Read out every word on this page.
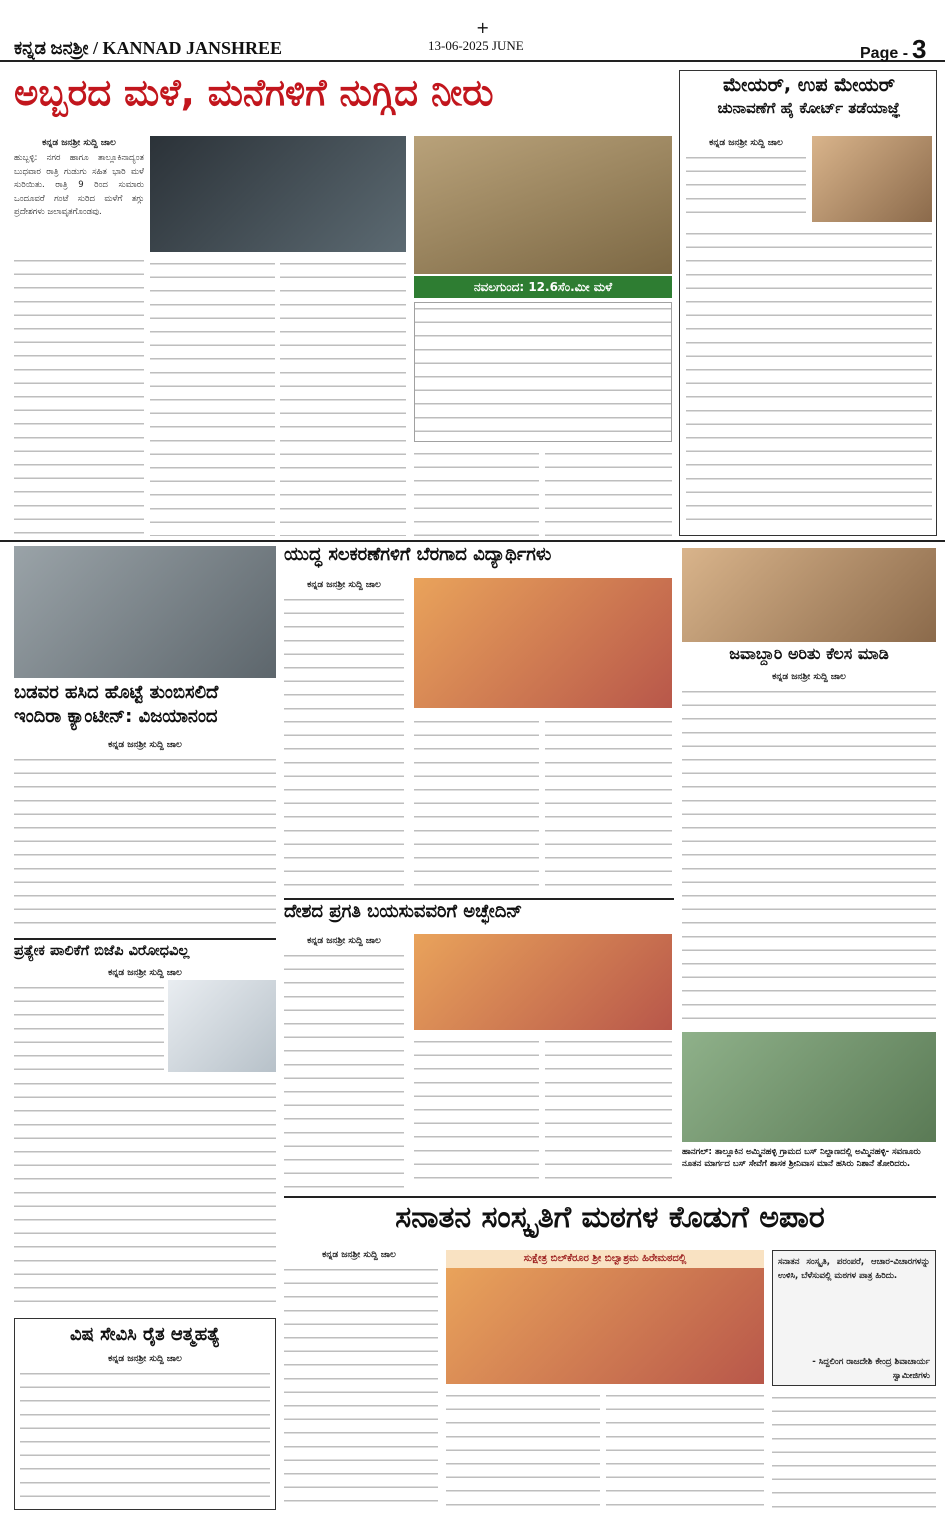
+
ಕನ್ನಡ ಜನಶ್ರೀ / KANNAD JANSHREE	13-06-2025 JUNE	Page - 3
ಅಬ್ಬರದ ಮಳೆ, ಮನೆಗಳಿಗೆ ನುಗ್ಗಿದ ನೀರು
ಕನ್ನಡ ಜನಶ್ರೀ ಸುದ್ದಿ ಜಾಲ
ಹುಬ್ಬಳ್ಳಿ: ನಗರ ಹಾಗೂ ತಾಲ್ಲೂಕಿನಾದ್ಯಂತ ಬುಧವಾರ ರಾತ್ರಿ ಗುಡುಗು ಸಹಿತ ಭಾರಿ ಮಳೆ ಸುರಿಯಿತು. ರಾತ್ರಿ 9 ರಿಂದ ಸುಮಾರು ಒಂದೂವರೆ ಗಂಟೆ ಸುರಿದ ಮಳೆಗೆ ತಗ್ಗು ಪ್ರದೇಶಗಳು ಜಲಾವೃತಗೊಂಡವು.
ನವಲಗುಂದ: 12.6ಸೆಂ.ಮೀ ಮಳೆ
ಮೇಯರ್, ಉಪ ಮೇಯರ್
ಚುನಾವಣೆಗೆ ಹೈ ಕೋರ್ಟ್ ತಡೆಯಾಜ್ಞೆ
ಕನ್ನಡ ಜನಶ್ರೀ ಸುದ್ದಿ ಜಾಲ
ಬಡವರ ಹಸಿದ ಹೊಟ್ಟೆ ತುಂಬಿಸಲಿದೆ
ಇಂದಿರಾ ಕ್ಯಾಂಟೀನ್: ವಿಜಯಾನಂದ
ಕನ್ನಡ ಜನಶ್ರೀ ಸುದ್ದಿ ಜಾಲ
ಪ್ರತ್ಯೇಕ ಪಾಲಿಕೆಗೆ ಬಿಜೆಪಿ ವಿರೋಧವಿಲ್ಲ
ಕನ್ನಡ ಜನಶ್ರೀ ಸುದ್ದಿ ಜಾಲ
ವಿಷ ಸೇವಿಸಿ ರೈತ ಆತ್ಮಹತ್ಯೆ
ಕನ್ನಡ ಜನಶ್ರೀ ಸುದ್ದಿ ಜಾಲ
ಯುದ್ಧ ಸಲಕರಣೆಗಳಿಗೆ ಬೆರಗಾದ ವಿದ್ಯಾರ್ಥಿಗಳು
ಕನ್ನಡ ಜನಶ್ರೀ ಸುದ್ದಿ ಜಾಲ
ದೇಶದ ಪ್ರಗತಿ ಬಯಸುವವರಿಗೆ ಅಚ್ಛೇದಿನ್
ಕನ್ನಡ ಜನಶ್ರೀ ಸುದ್ದಿ ಜಾಲ
ಜವಾಬ್ದಾರಿ ಅರಿತು ಕೆಲಸ ಮಾಡಿ
ಕನ್ನಡ ಜನಶ್ರೀ ಸುದ್ದಿ ಜಾಲ
ಹಾನಗಲ್: ತಾಲ್ಲೂಕಿನ ಅಮ್ಮಿನಹಳ್ಳಿ ಗ್ರಾಮದ ಬಸ್ ನಿಲ್ದಾಣದಲ್ಲಿ ಅಮ್ಮಿನಹಳ್ಳಿ- ಸವಣೂರು ನೂತನ ಮಾರ್ಗದ ಬಸ್ ಸೇವೆಗೆ ಶಾಸಕ ಶ್ರೀನಿವಾಸ ಮಾನೆ ಹಸಿರು ನಿಶಾನೆ ತೋರಿದರು.
ಸನಾತನ ಸಂಸ್ಕೃತಿಗೆ ಮಠಗಳ ಕೊಡುಗೆ ಅಪಾರ
ಕನ್ನಡ ಜನಶ್ರೀ ಸುದ್ದಿ ಜಾಲ	ಸುಕ್ಷೇತ್ರ ಬಿಲ್‌ಕೆರೂರ ಶ್ರೀ ಬಿಲ್ವಾಶ್ರಮ ಹಿರೇಮಠದಲ್ಲಿ	ಸನಾತನ ಸಂಸ್ಕೃತಿ, ಪರಂಪರೆ, ಆಚಾರ-ವಿಚಾರಗಳನ್ನು ಉಳಿಸಿ, ಬೆಳೆಸುವಲ್ಲಿ ಮಠಗಳ ಪಾತ್ರ ಹಿರಿದು.
- ಸಿದ್ದಲಿಂಗ ರಾಜದೇಶಿ ಕೇಂದ್ರ ಶಿವಾಚಾರ್ಯ ಸ್ವಾಮೀಜಿಗಳು
